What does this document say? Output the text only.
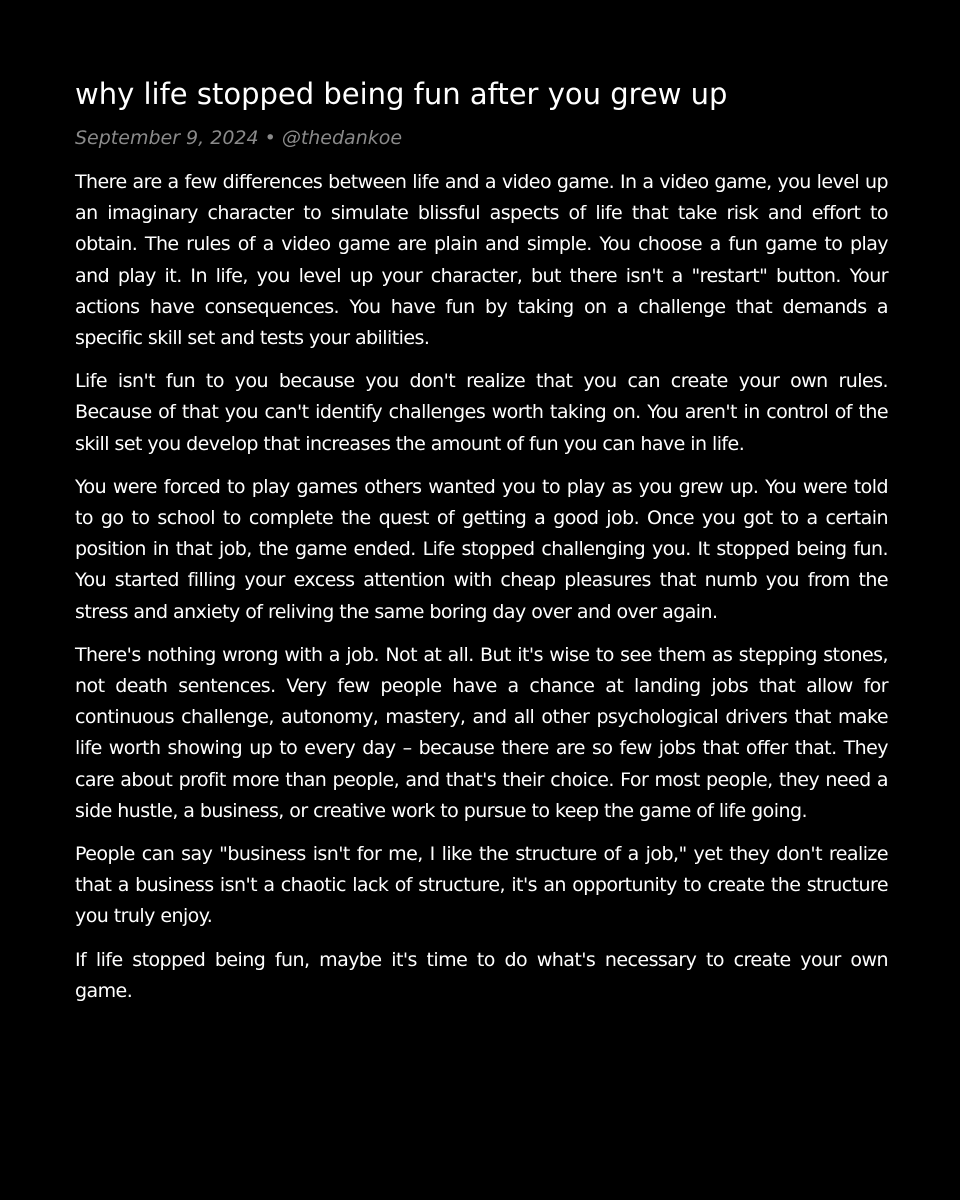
why life stopped being fun after you grew up
September 9, 2024 • @thedankoe

There are a few differences between life and a video game. In a video game, you level up an imaginary character to simulate blissful aspects of life that take risk and effort to obtain. The rules of a video game are plain and simple. You choose a fun game to play and play it. In life, you level up your character, but there isn't a "restart" button. Your actions have consequences. You have fun by taking on a challenge that demands a specific skill set and tests your abilities.

Life isn't fun to you because you don't realize that you can create your own rules. Because of that you can't identify challenges worth taking on. You aren't in control of the skill set you develop that increases the amount of fun you can have in life.

You were forced to play games others wanted you to play as you grew up. You were told to go to school to complete the quest of getting a good job. Once you got to a certain position in that job, the game ended. Life stopped challenging you. It stopped being fun. You started filling your excess attention with cheap pleasures that numb you from the stress and anxiety of reliving the same boring day over and over again.

There's nothing wrong with a job. Not at all. But it's wise to see them as stepping stones, not death sentences. Very few people have a chance at landing jobs that allow for continuous challenge, autonomy, mastery, and all other psychological drivers that make life worth showing up to every day – because there are so few jobs that offer that. They care about profit more than people, and that's their choice. For most people, they need a side hustle, a business, or creative work to pursue to keep the game of life going.

People can say "business isn't for me, I like the structure of a job," yet they don't realize that a business isn't a chaotic lack of structure, it's an opportunity to create the structure you truly enjoy.

If life stopped being fun, maybe it's time to do what's necessary to create your own game.
